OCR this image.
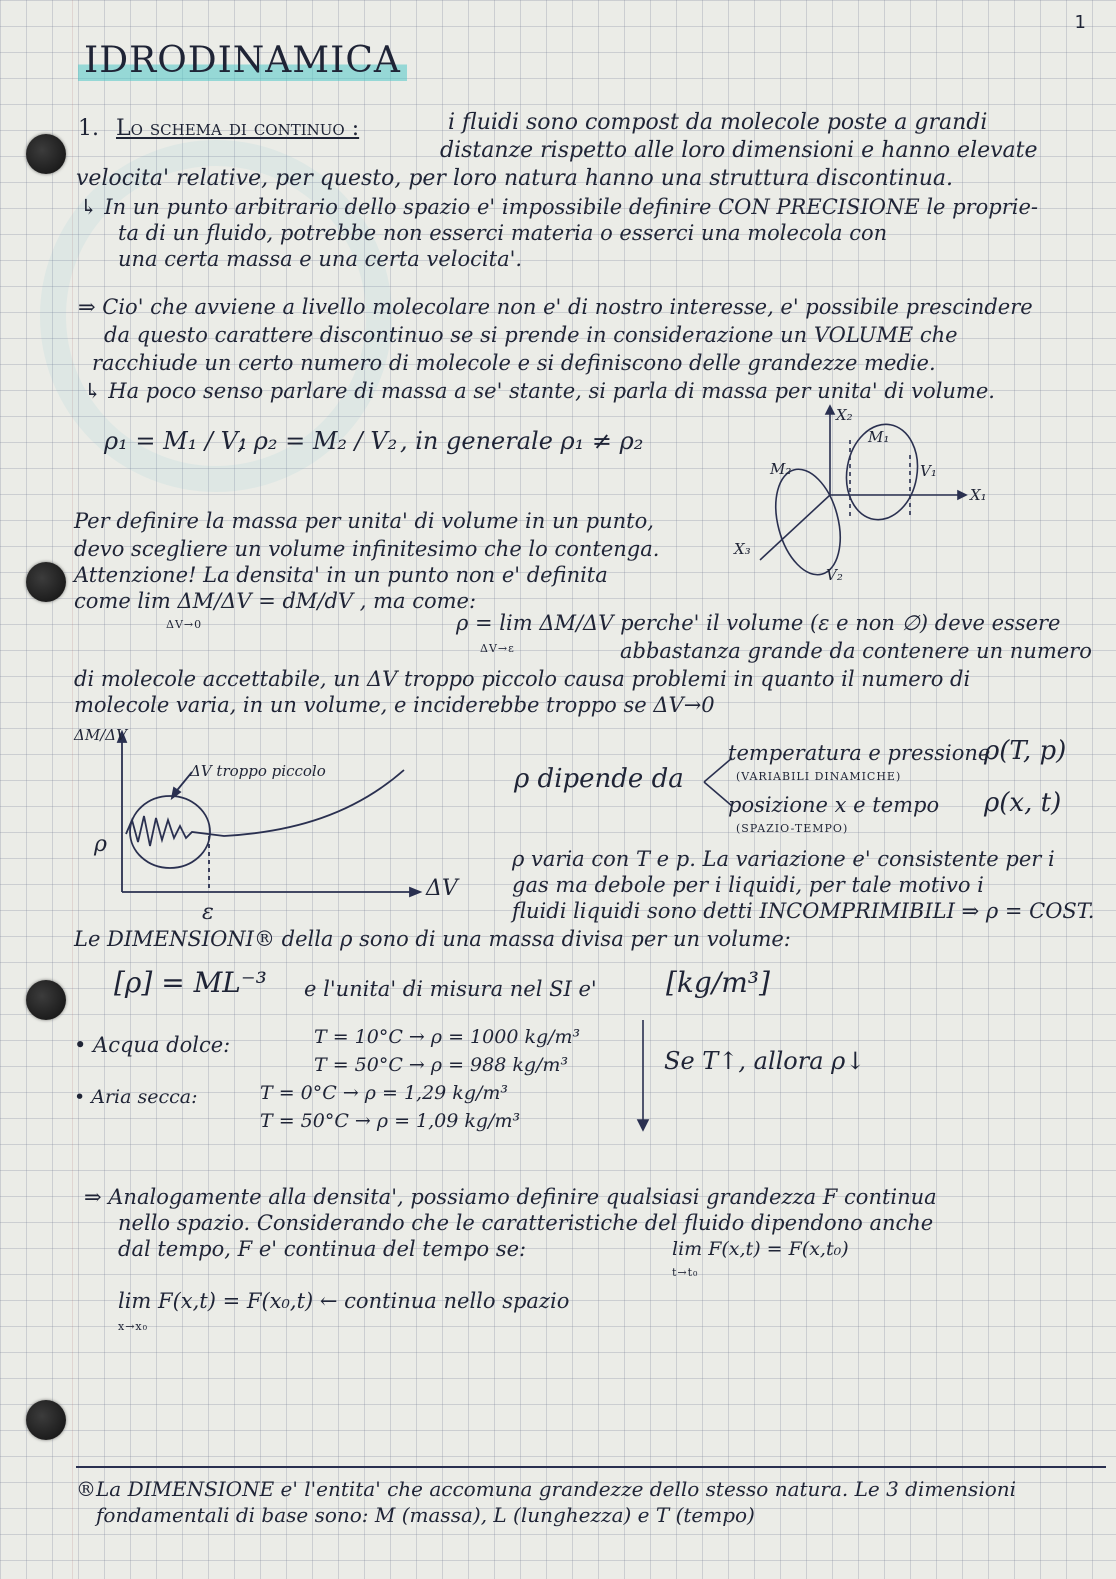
1
IDRODINAMICA
1. Lo schema di continuo :	i fluidi sono compost da molecole poste a grandi
distanze rispetto alle loro dimensioni e hanno elevate
velocita' relative, per questo, per loro natura hanno una struttura discontinua.
↳ In un punto arbitrario dello spazio e' impossibile definire CON PRECISIONE le proprie-
ta di un fluido, potrebbe non esserci materia o esserci una molecola con
una certa massa e una certa velocita'.
⇒ Cio' che avviene a livello molecolare non e' di nostro interesse, e' possibile prescindere
da questo carattere discontinuo se si prende in considerazione un VOLUME che
racchiude un certo numero di molecole e si definiscono delle grandezze medie.
↳ Ha poco senso parlare di massa a se' stante, si parla di massa per unita' di volume.
ρ₁ = M₁ / V₁
; ρ₂ = M₂ / V₂ , in generale ρ₁ ≠ ρ₂
X₂
M₁
M₂	V₁
X₁
X₃
V₂
Per definire la massa per unita' di volume in un punto,
devo scegliere un volume infinitesimo che lo contenga.
Attenzione! La densita' in un punto non e' definita
come lim ΔM/ΔV = dM/dV , ma come:
ΔV→0	ρ = lim ΔM/ΔV perche' il volume (ε e non ∅) deve essere
ΔV→ε	abbastanza grande da contenere un numero
di molecole accettabile, un ΔV troppo piccolo causa problemi in quanto il numero di
molecole varia, in un volume, e inciderebbe troppo se ΔV→0
ΔM/ΔV
ΔV troppo piccolo
ρ
ΔV
ε
ρ dipende da
temperatura e pressione
(VARIABILI DINAMICHE)
ρ(T, p)
posizione x e tempo
(SPAZIO-TEMPO)
ρ(x, t)
ρ varia con T e p. La variazione e' consistente per i
gas ma debole per i liquidi, per tale motivo i
fluidi liquidi sono detti INCOMPRIMIBILI ⇒ ρ = COST.
Le DIMENSIONI® della ρ sono di una massa divisa per un volume:
[ρ] = ML⁻³ e l'unita' di misura nel SI e' [kg/m³]
• Acqua dolce:	T = 10°C → ρ = 1000 kg/m³
T = 50°C → ρ = 988 kg/m³
• Aria secca:	T = 0°C → ρ = 1,29 kg/m³
T = 50°C → ρ = 1,09 kg/m³
Se T↑, allora ρ↓
⇒ Analogamente alla densita', possiamo definire qualsiasi grandezza F continua
nello spazio. Considerando che le caratteristiche del fluido dipendono anche
dal tempo, F e' continua del tempo se:	lim F(x,t) = F(x,t₀)
t→t₀
lim F(x,t) = F(x₀,t) ← continua nello spazio
x→x₀
®La DIMENSIONE e' l'entita' che accomuna grandezze dello stesso natura. Le 3 dimensioni
fondamentali di base sono: M (massa), L (lunghezza) e T (tempo)
